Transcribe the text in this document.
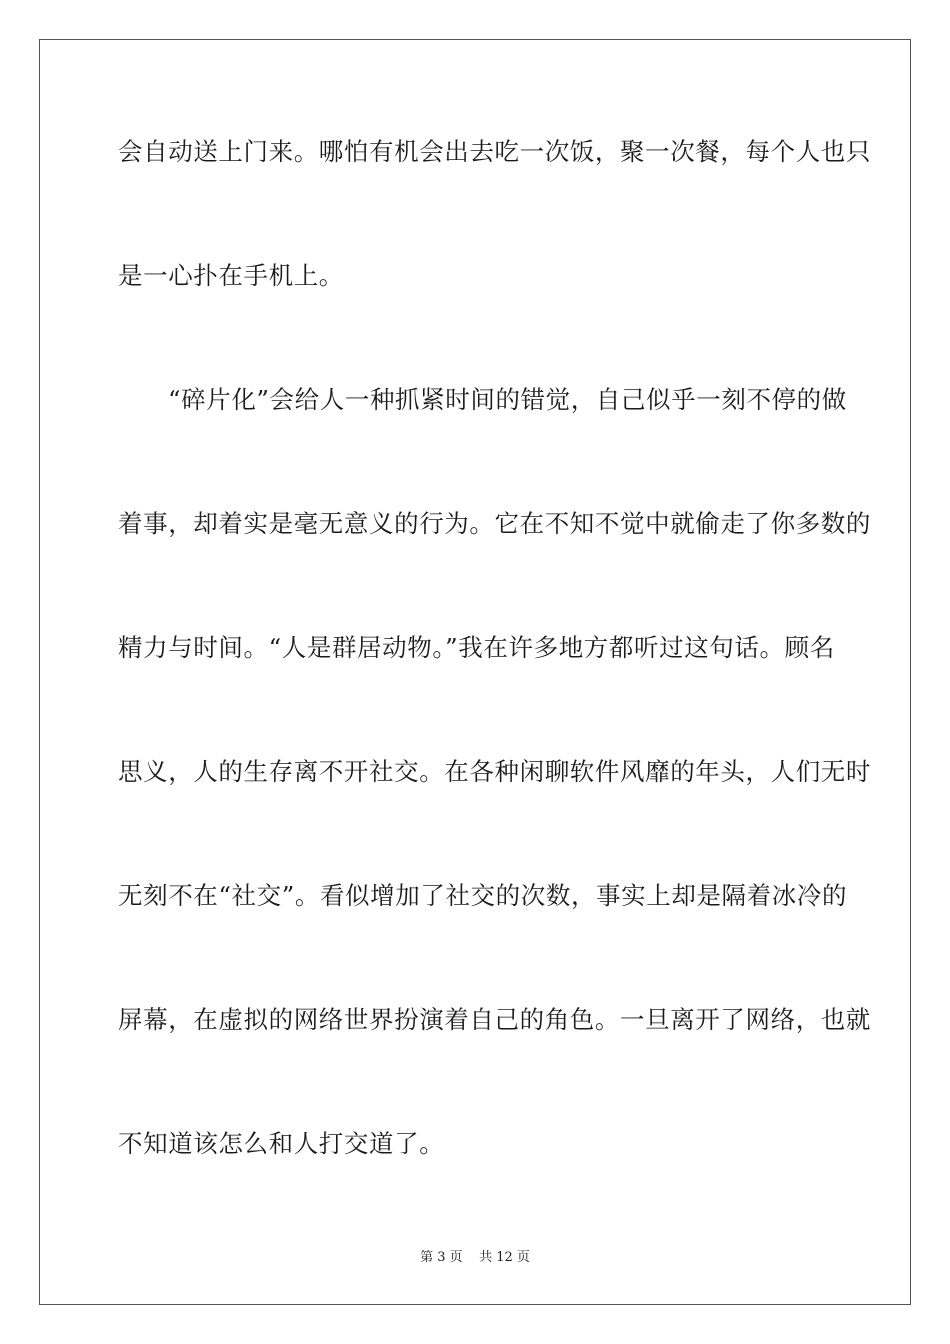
会自动送上门来。哪怕有机会出去吃一次饭，聚一次餐，每个人也只
是一心扑在手机上。
“碎片化”会给人一种抓紧时间的错觉，自己似乎一刻不停的做
着事，却着实是毫无意义的行为。它在不知不觉中就偷走了你多数的
精力与时间。“人是群居动物。”我在许多地方都听过这句话。顾名
思义，人的生存离不开社交。在各种闲聊软件风靡的年头，人们无时
无刻不在“社交”。看似增加了社交的次数，事实上却是隔着冰冷的
屏幕，在虚拟的网络世界扮演着自己的角色。一旦离开了网络，也就
不知道该怎么和人打交道了。
第 3 页    共 12 页
